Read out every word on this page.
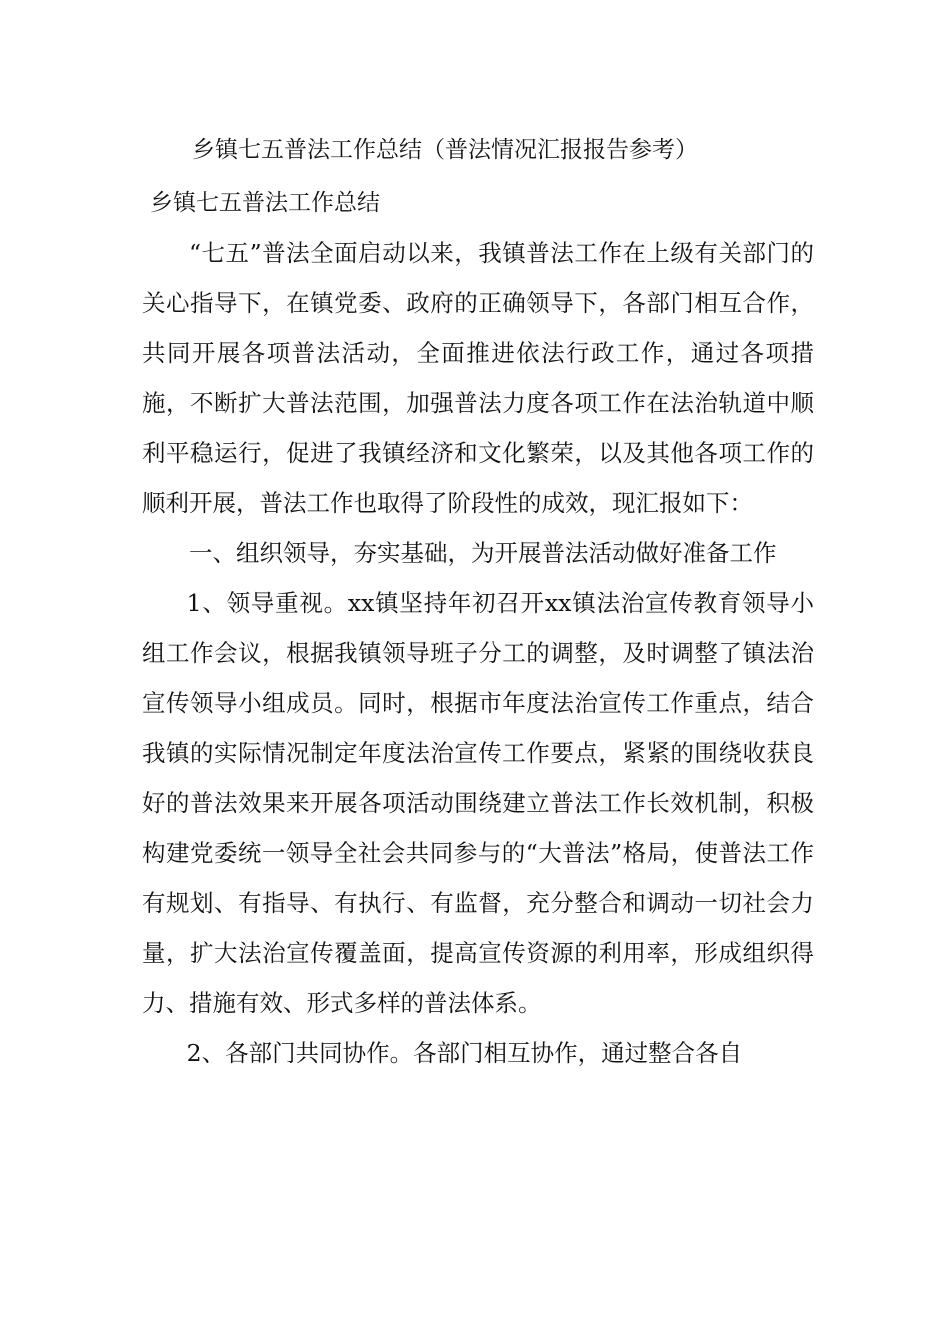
乡镇七五普法工作总结（普法情况汇报报告参考）
乡镇七五普法工作总结

“七五”普法全面启动以来，我镇普法工作在上级有关部门的关心指导下，在镇党委、政府的正确领导下，各部门相互合作，共同开展各项普法活动，全面推进依法行政工作，通过各项措施，不断扩大普法范围，加强普法力度各项工作在法治轨道中顺利平稳运行，促进了我镇经济和文化繁荣，以及其他各项工作的顺利开展，普法工作也取得了阶段性的成效，现汇报如下：

一、组织领导，夯实基础，为开展普法活动做好准备工作

1、领导重视。xx镇坚持年初召开xx镇法治宣传教育领导小组工作会议，根据我镇领导班子分工的调整，及时调整了镇法治宣传领导小组成员。同时，根据市年度法治宣传工作重点，结合我镇的实际情况制定年度法治宣传工作要点，紧紧的围绕收获良好的普法效果来开展各项活动围绕建立普法工作长效机制，积极构建党委统一领导全社会共同参与的“大普法”格局，使普法工作有规划、有指导、有执行、有监督，充分整合和调动一切社会力量，扩大法治宣传覆盖面，提高宣传资源的利用率，形成组织得力、措施有效、形式多样的普法体系。

2、各部门共同协作。各部门相互协作，通过整合各自
